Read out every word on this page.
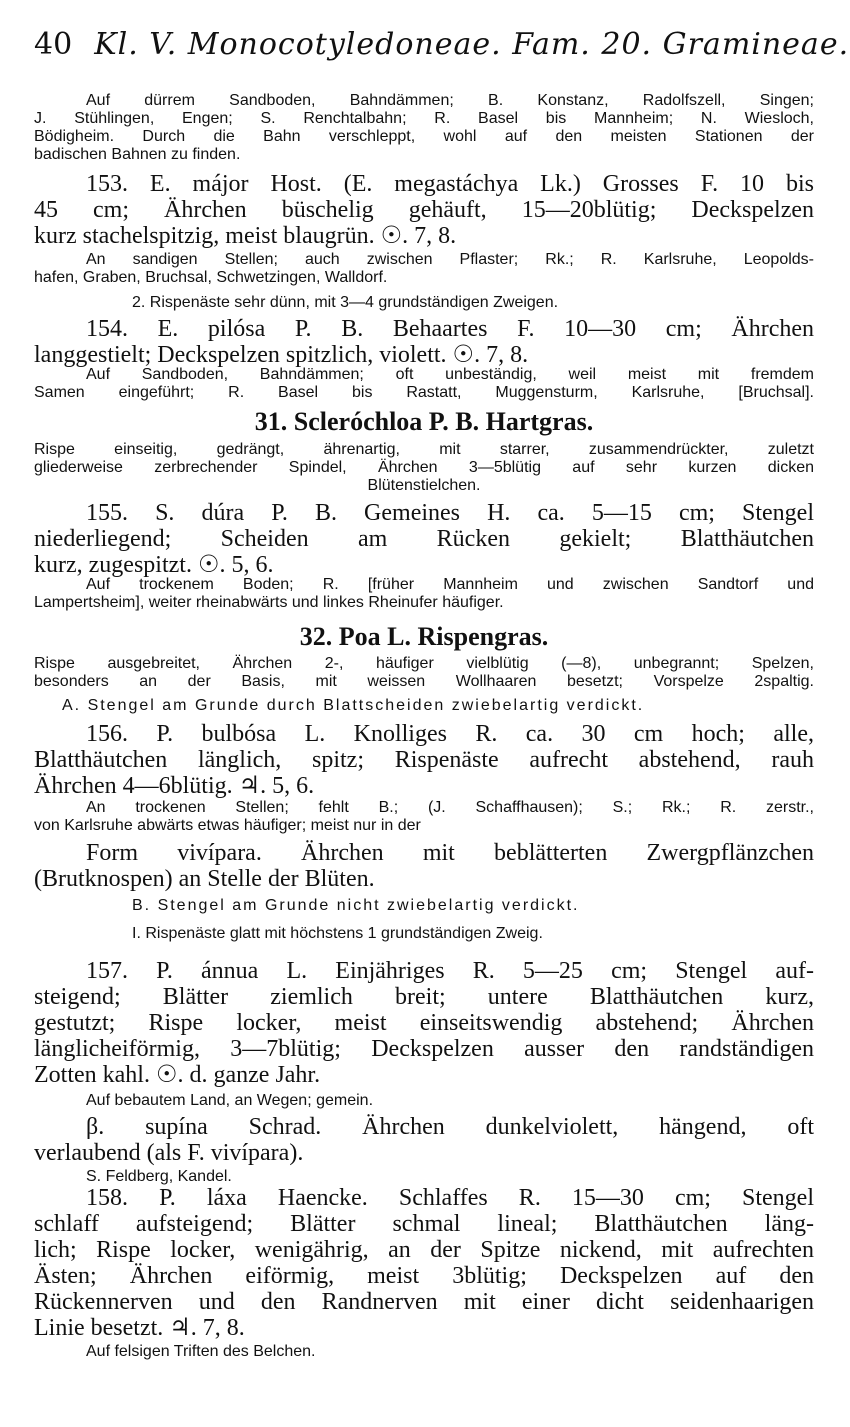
40 Kl. V. Monocotyledoneae. Fam. 20. Gramineae.
Auf dürrem Sandboden, Bahndämmen; B. Konstanz, Radolfszell, Singen;
J. Stühlingen, Engen; S. Renchtalbahn; R. Basel bis Mannheim; N. Wiesloch,
Bödigheim. Durch die Bahn verschleppt, wohl auf den meisten Stationen der
badischen Bahnen zu finden.
153. E. májor Host. (E. megastáchya Lk.) Grosses F. 10 bis
45 cm; Ährchen büschelig gehäuft, 15—20blütig; Deckspelzen
kurz stachelspitzig, meist blaugrün. ☉. 7, 8.
An sandigen Stellen; auch zwischen Pflaster; Rk.; R. Karlsruhe, Leopolds-
hafen, Graben, Bruchsal, Schwetzingen, Walldorf.
2. Rispenäste sehr dünn, mit 3—4 grundständigen Zweigen.
154. E. pilósa P. B. Behaartes F. 10—30 cm; Ährchen
langgestielt; Deckspelzen spitzlich, violett. ☉. 7, 8.
Auf Sandboden, Bahndämmen; oft unbeständig, weil meist mit fremdem
Samen eingeführt; R. Basel bis Rastatt, Muggensturm, Karlsruhe, [Bruchsal].
31. Scleróchloa P. B. Hartgras.
Rispe einseitig, gedrängt, ährenartig, mit starrer, zusammendrückter, zuletzt
gliederweise zerbrechender Spindel, Ährchen 3—5blütig auf sehr kurzen dicken
Blütenstielchen.
155. S. dúra P. B. Gemeines H. ca. 5—15 cm; Stengel
niederliegend; Scheiden am Rücken gekielt; Blatthäutchen
kurz, zugespitzt. ☉. 5, 6.
Auf trockenem Boden; R. [früher Mannheim und zwischen Sandtorf und
Lampertsheim], weiter rheinabwärts und linkes Rheinufer häufiger.
32. Poa L. Rispengras.
Rispe ausgebreitet, Ährchen 2-, häufiger vielblütig (—8), unbegrannt; Spelzen,
besonders an der Basis, mit weissen Wollhaaren besetzt; Vorspelze 2spaltig.
A. Stengel am Grunde durch Blattscheiden zwiebelartig verdickt.
156. P. bulbósa L. Knolliges R. ca. 30 cm hoch; alle,
Blatthäutchen länglich, spitz; Rispenäste aufrecht abstehend, rauh
Ährchen 4—6blütig. ♃. 5, 6.
An trockenen Stellen; fehlt B.; (J. Schaffhausen); S.; Rk.; R. zerstr.,
von Karlsruhe abwärts etwas häufiger; meist nur in der
Form vivípara. Ährchen mit beblätterten Zwergpflänzchen
(Brutknospen) an Stelle der Blüten.
B. Stengel am Grunde nicht zwiebelartig verdickt.
I. Rispenäste glatt mit höchstens 1 grundständigen Zweig.
157. P. ánnua L. Einjähriges R. 5—25 cm; Stengel auf-
steigend; Blätter ziemlich breit; untere Blatthäutchen kurz,
gestutzt; Rispe locker, meist einseitswendig abstehend; Ährchen
länglicheiförmig, 3—7blütig; Deckspelzen ausser den randständigen
Zotten kahl. ☉. d. ganze Jahr.
Auf bebautem Land, an Wegen; gemein.
β. supína Schrad. Ährchen dunkelviolett, hängend, oft
verlaubend (als F. vivípara).
S. Feldberg, Kandel.
158. P. láxa Haencke. Schlaffes R. 15—30 cm; Stengel
schlaff aufsteigend; Blätter schmal lineal; Blatthäutchen läng-
lich; Rispe locker, wenigährig, an der Spitze nickend, mit aufrechten
Ästen; Ährchen eiförmig, meist 3blütig; Deckspelzen auf den
Rückennerven und den Randnerven mit einer dicht seidenhaarigen
Linie besetzt. ♃. 7, 8.
Auf felsigen Triften des Belchen.
